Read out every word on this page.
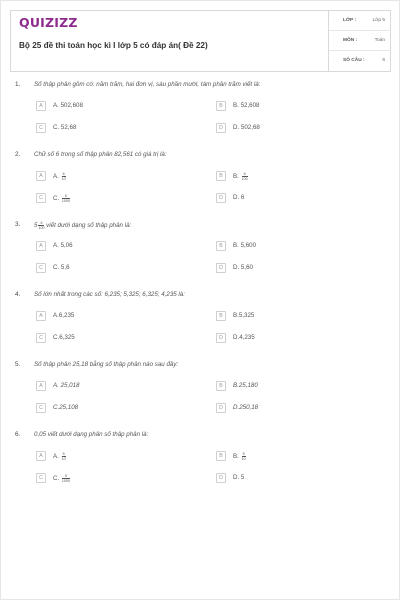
QUIZIZZ
Bộ 25 đề thi toán học kì I lớp 5 có đáp án( Đề 22)
LỚP :	Lớp 5
MÔN :	Toán
SỐ CÂU :	6
1. Số thập phân gồm có: năm trăm, hai đơn vị, sáu phần mười, tám phần trăm viết là:
A	A. 502,608	B	B. 52,608
C	C. 52,68	D	D. 502,68
2. Chữ số 6 trong số thập phân 82,561 có giá trị là:
A	A. $\frac{6}{10}$	B	B. $\frac{6}{100}$
C	C. $\frac{6}{1000}$	D	D. 6
3. $5 \frac{6}{100}$ viết dưới dạng số thập phân là:
A	A. 5,06	B	B. 5,600
C	C. 5,6	D	D. 5,60
4. Số lớn nhất trong các số: 6,235; 5,325; 6,325; 4,235 là:
A	A.6,235	B	B.5,325
C	C.6,325	D	D.4,235
5. Số thập phân 25,18 bằng số thập phân nào sau đây:
A	A. 25,018	B	B.25,180
C	C.25,108	D	D.250,18
6. 0,05 viết dưới dạng phân số thập phân là:
A	A. $\frac{5}{10}$	B	B. $\frac{5}{10}$
C	C. $\frac{5}{1000}$	D	D. 5
